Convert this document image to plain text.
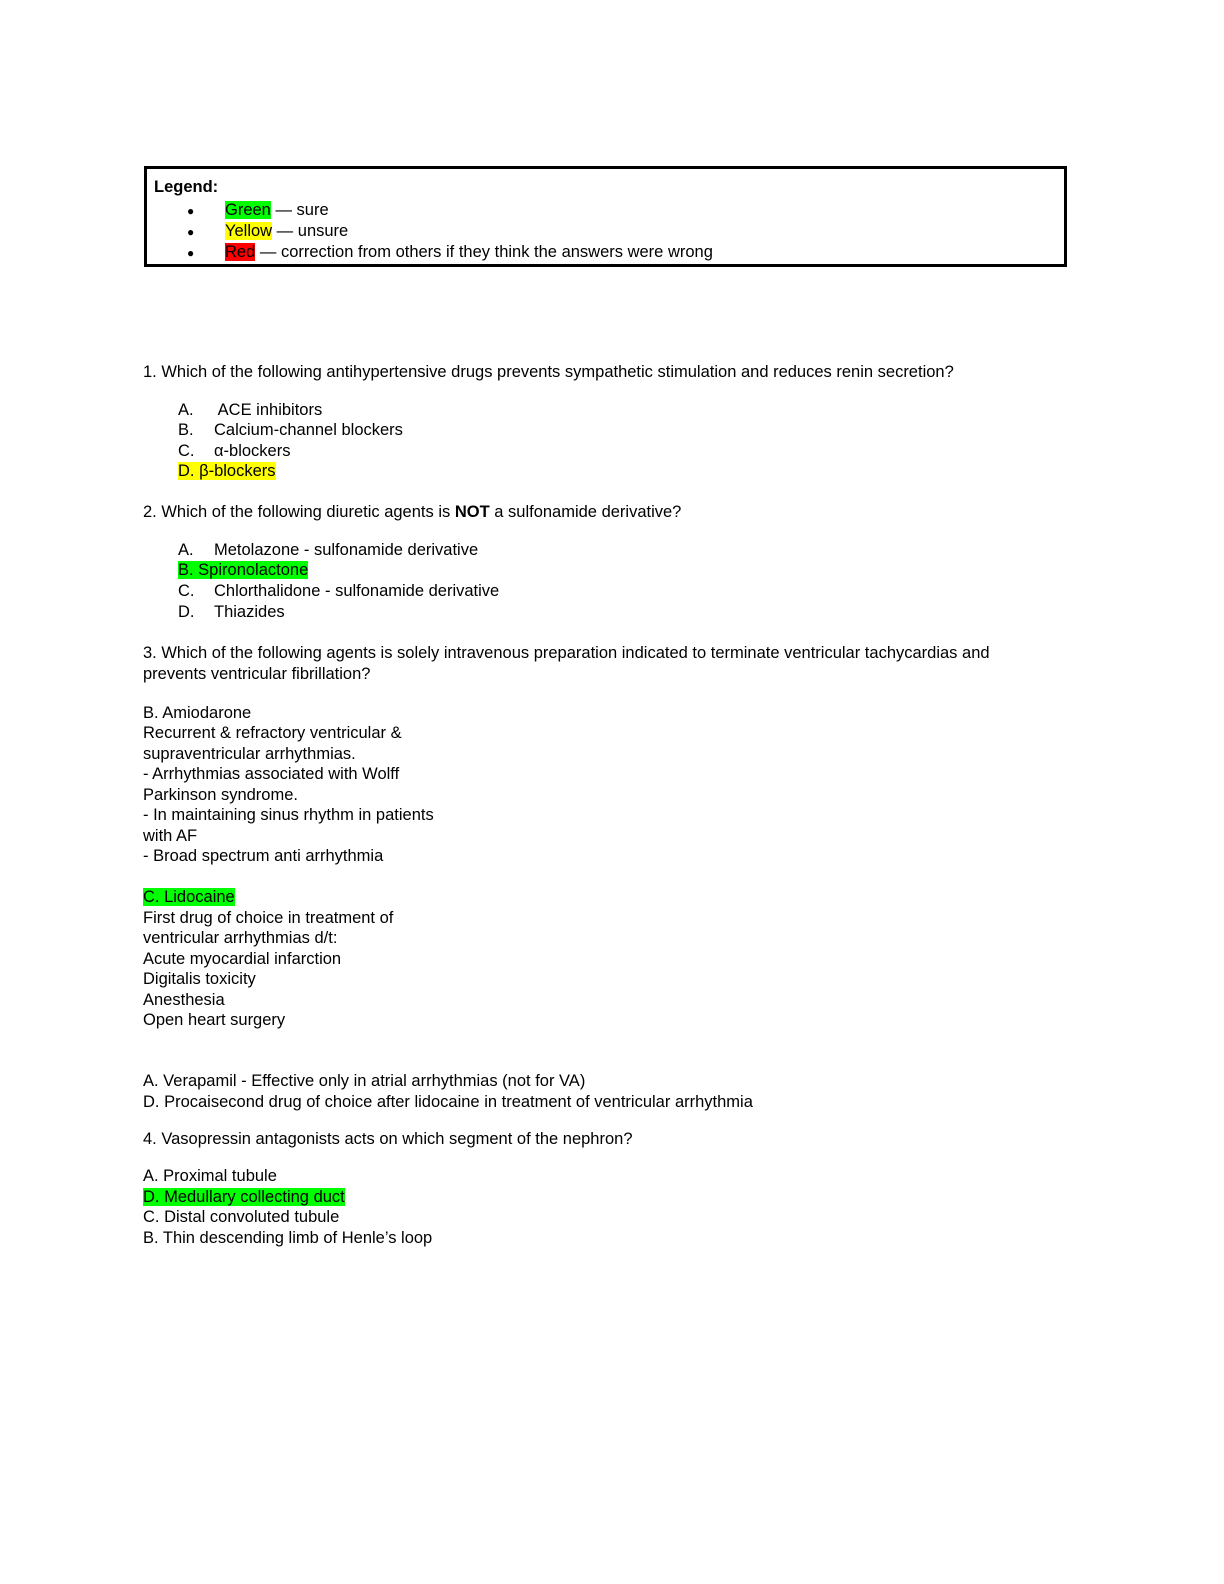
Legend:
● Green — sure
● Yellow — unsure
● Red — correction from others if they think the answers were wrong
1. Which of the following antihypertensive drugs prevents sympathetic stimulation and reduces renin secretion?
A. ACE inhibitors
B. Calcium-channel blockers
C. α-blockers
D. β-blockers
2. Which of the following diuretic agents is NOT a sulfonamide derivative?
A. Metolazone - sulfonamide derivative
B. Spironolactone
C. Chlorthalidone - sulfonamide derivative
D. Thiazides
3. Which of the following agents is solely intravenous preparation indicated to terminate ventricular tachycardias and
prevents ventricular fibrillation?
B. Amiodarone
Recurrent & refractory ventricular &
supraventricular arrhythmias.
- Arrhythmias associated with Wolff
Parkinson syndrome.
- In maintaining sinus rhythm in patients
with AF
- Broad spectrum anti arrhythmia
C. Lidocaine
First drug of choice in treatment of
ventricular arrhythmias d/t:
Acute myocardial infarction
Digitalis toxicity
Anesthesia
Open heart surgery
A. Verapamil - Effective only in atrial arrhythmias (not for VA)
D. Procaisecond drug of choice after lidocaine in treatment of ventricular arrhythmia
4. Vasopressin antagonists acts on which segment of the nephron?
A. Proximal tubule
D. Medullary collecting duct
C. Distal convoluted tubule
B. Thin descending limb of Henle’s loop
